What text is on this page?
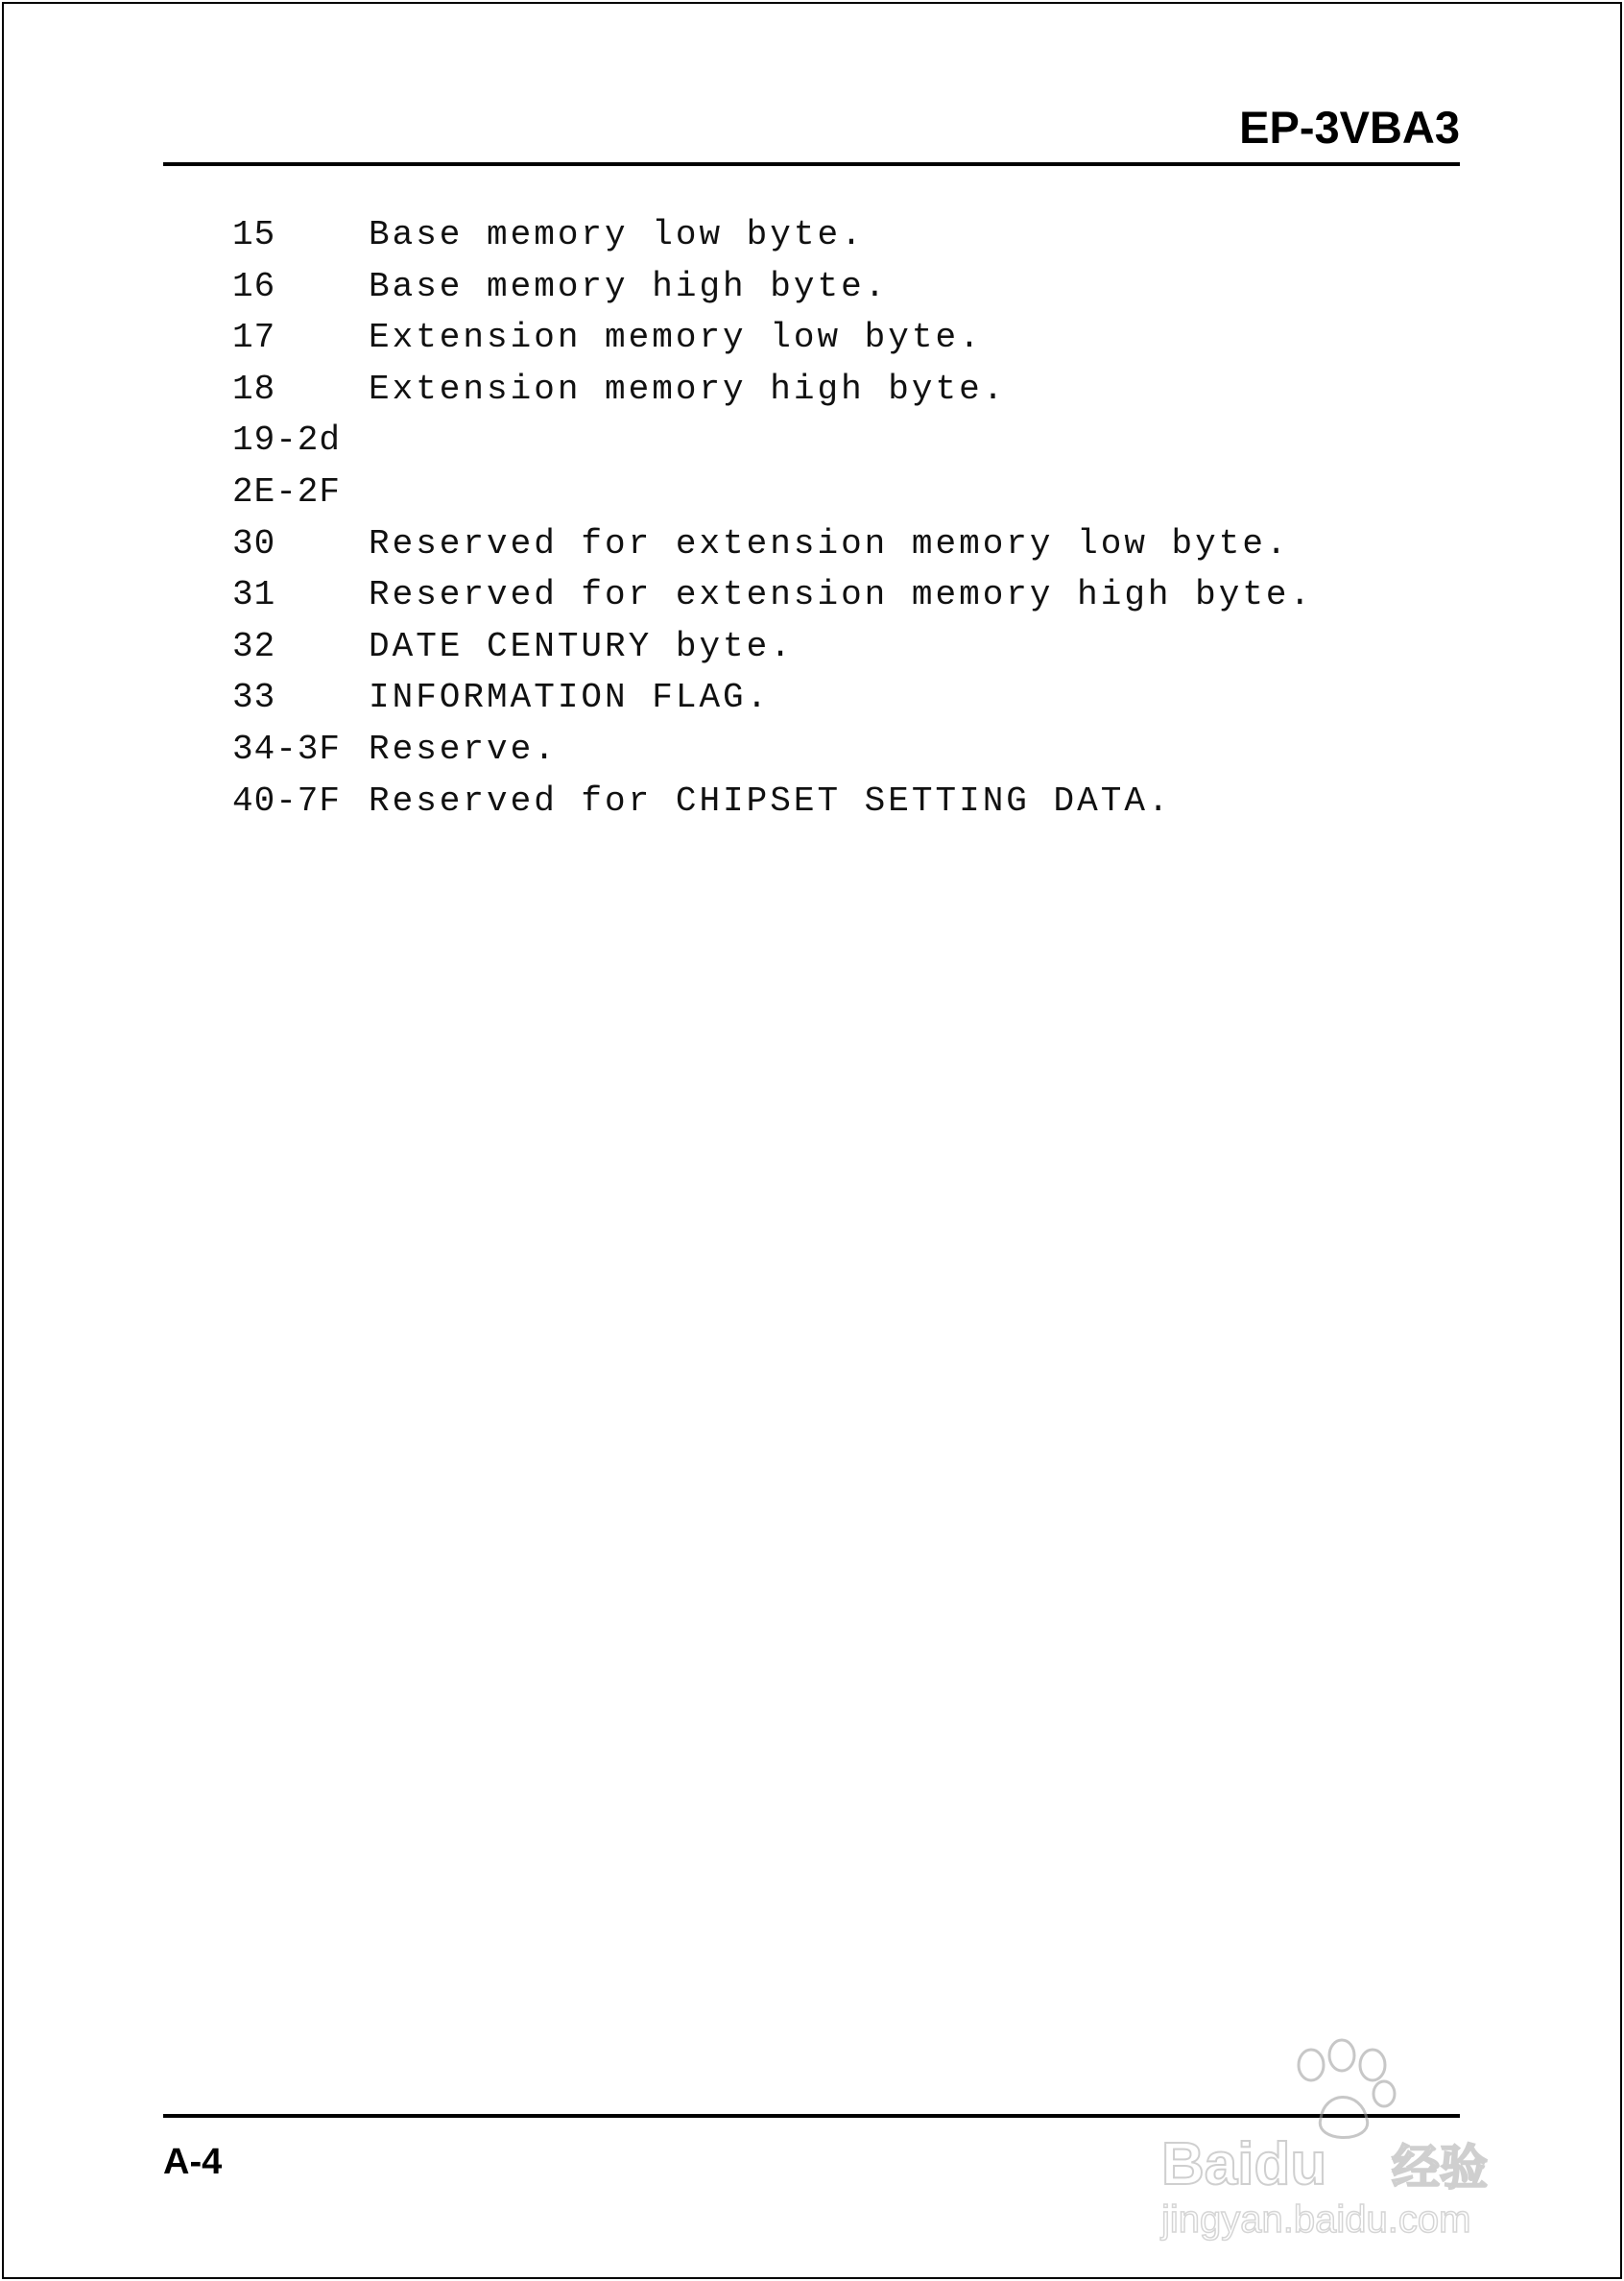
EP-3VBA3
15	Base memory low byte.
16	Base memory high byte.
17	Extension memory low byte.
18	Extension memory high byte.
19-2d
2E-2F
30	Reserved for extension memory low byte.
31	Reserved for extension memory high byte.
32	DATE CENTURY byte.
33	INFORMATION FLAG.
34-3F Reserve.
40-7F Reserved for CHIPSET SETTING DATA.
A-4	Baidu 经验
jingyan.baidu.com
